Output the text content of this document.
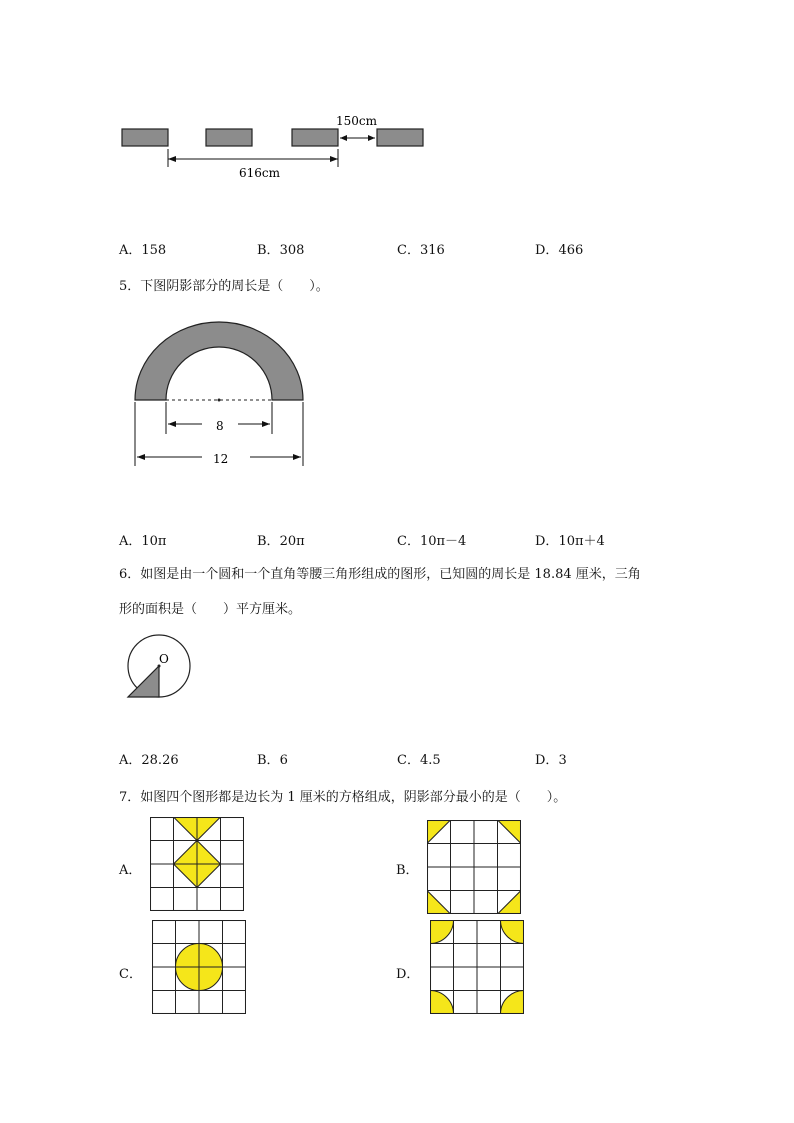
150cm
616cm
A．158	B．308	C．316	D．466
5．下图阴影部分的周长是（　　）。
8
12
A．10π	B．20π	C．10π－4	D．10π＋4
6．如图是由一个圆和一个直角等腰三角形组成的图形，已知圆的周长是 18.84 厘米，三角
形的面积是（　　）平方厘米。
O
A．28.26	B．6	C．4.5	D．3
7．如图四个图形都是边长为 1 厘米的方格组成，阴影部分最小的是（　　）。
A．	B．
C．	D．
